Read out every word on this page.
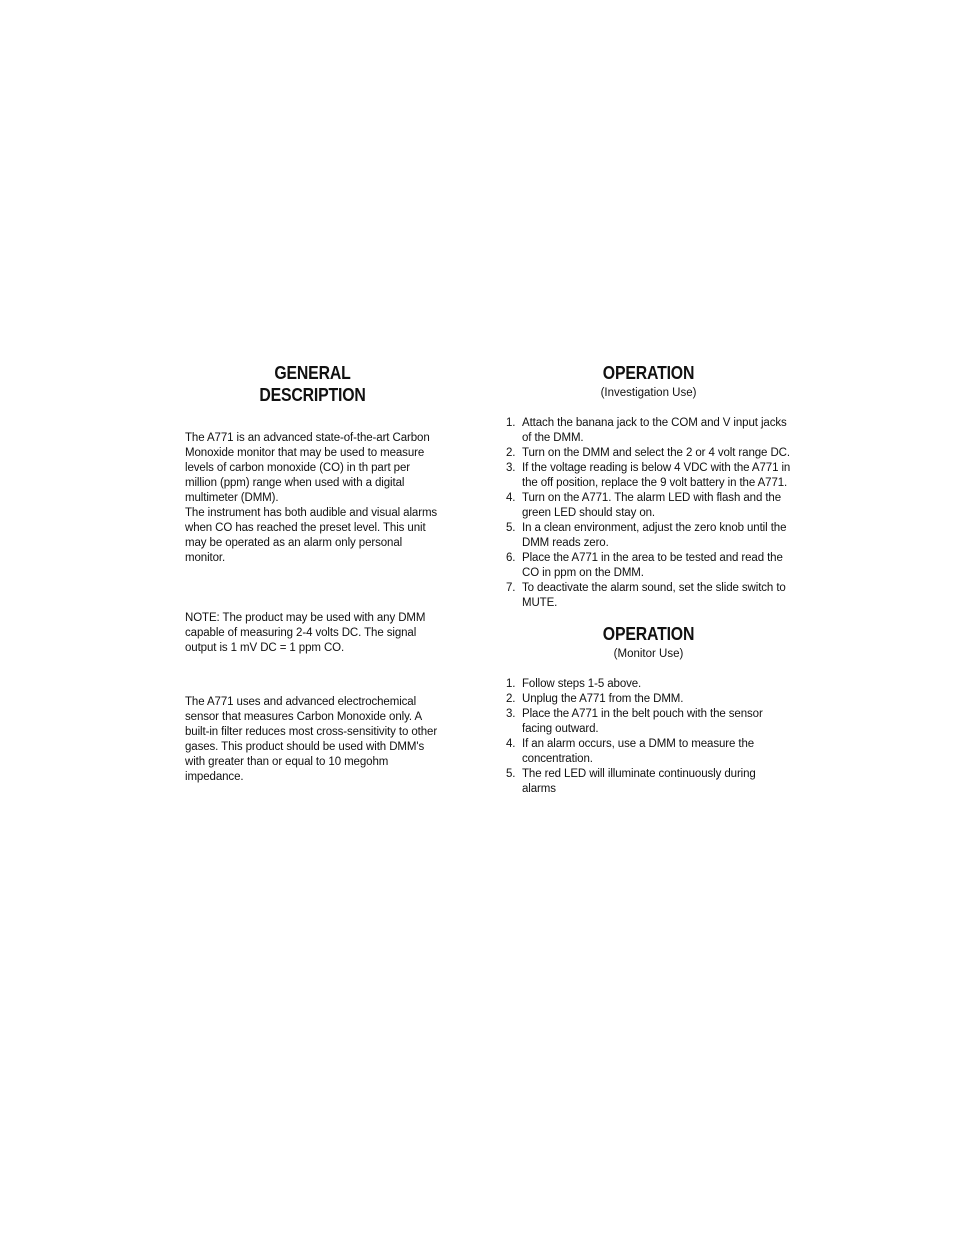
GENERAL
DESCRIPTION

The A771 is an advanced state-of-the-art Carbon Monoxide monitor that may be used to measure levels of carbon monoxide (CO) in th part per million (ppm) range when used with a digital multimeter (DMM).

The instrument has both audible and visual alarms when CO has reached the preset level. This unit may be operated as an alarm only personal monitor.

NOTE: The product may be used with any DMM capable of measuring 2-4 volts DC. The signal output is 1 mV DC = 1 ppm CO.

The A771 uses and advanced electrochemical sensor that measures Carbon Monoxide only. A built-in filter reduces most cross-sensitivity to other gases. This product should be used with DMM's with greater than or equal to 10 megohm impedance.

OPERATION
(Investigation Use)
1. Attach the banana jack to the COM and V input jacks of the DMM.
2. Turn on the DMM and select the 2 or 4 volt range DC.
3. If the voltage reading is below 4 VDC with the A771 in the off position, replace the 9 volt battery in the A771.
4. Turn on the A771. The alarm LED with flash and the green LED should stay on.
5. In a clean environment, adjust the zero knob until the DMM reads zero.
6. Place the A771 in the area to be tested and read the CO in ppm on the DMM.
7. To deactivate the alarm sound, set the slide switch to MUTE.
OPERATION
(Monitor Use)
1. Follow steps 1-5 above.
2. Unplug the A771 from the DMM.
3. Place the A771 in the belt pouch with the sensor facing outward.
4. If an alarm occurs, use a DMM to measure the concentration.
5. The red LED will illuminate continuously during alarms
